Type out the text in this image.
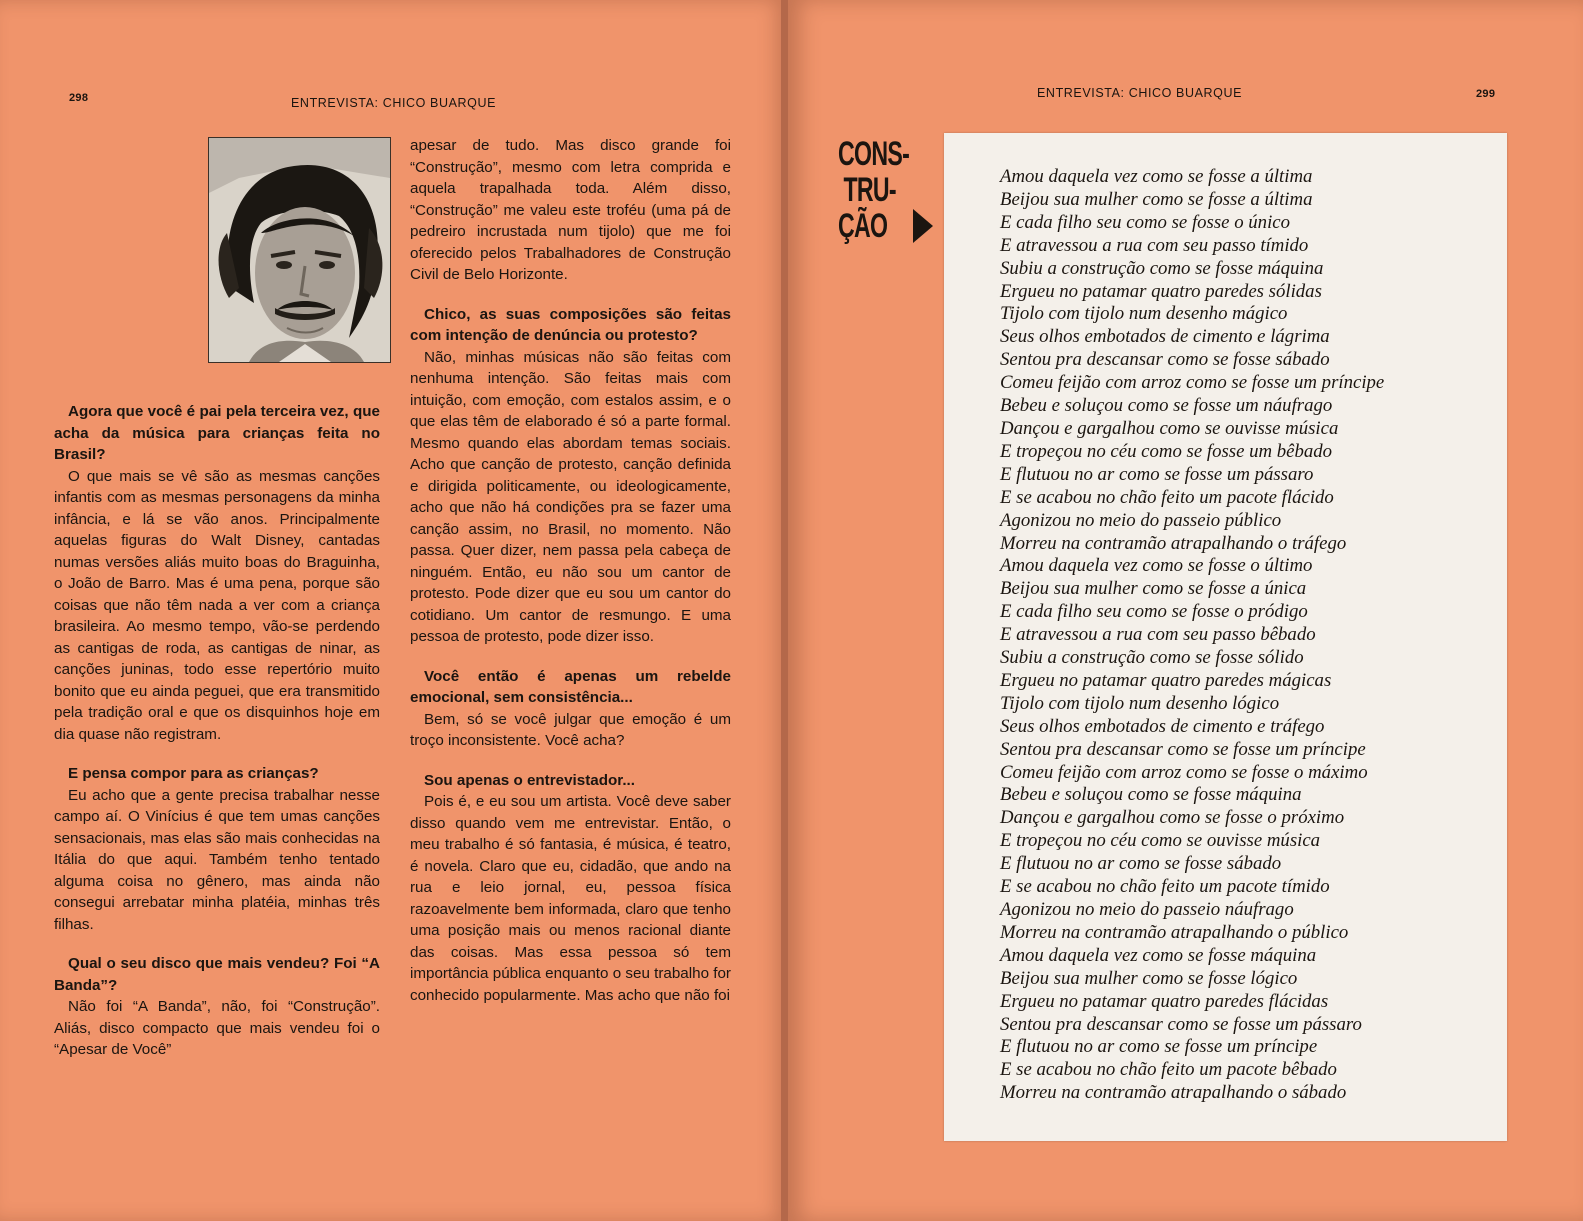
298	ENTREVISTA: CHICO BUARQUE

Agora que você é pai pela terceira vez, que acha da música para crianças feita no Brasil?

O que mais se vê são as mesmas canções infantis com as mesmas personagens da minha infância, e lá se vão anos. Principalmente aquelas figuras do Walt Disney, cantadas numas versões aliás muito boas do Braguinha, o João de Barro. Mas é uma pena, porque são coisas que não têm nada a ver com a criança brasileira. Ao mesmo tempo, vão-se perdendo as cantigas de roda, as cantigas de ninar, as canções juninas, todo esse repertório muito bonito que eu ainda peguei, que era transmitido pela tradição oral e que os disquinhos hoje em dia quase não registram.

E pensa compor para as crianças?

Eu acho que a gente precisa trabalhar nesse campo aí. O Vinícius é que tem umas canções sensacionais, mas elas são mais conhecidas na Itália do que aqui. Também tenho tentado alguma coisa no gênero, mas ainda não consegui arrebatar minha platéia, minhas três filhas.

Qual o seu disco que mais vendeu? Foi “A Banda”?

Não foi “A Banda”, não, foi “Construção”. Aliás, disco compacto que mais vendeu foi o “Apesar de Você”

apesar de tudo. Mas disco grande foi “Construção”, mesmo com letra comprida e aquela trapalhada toda. Além disso, “Construção” me valeu este troféu (uma pá de pedreiro incrustada num tijolo) que me foi oferecido pelos Trabalhadores de Construção Civil de Belo Horizonte.

Chico, as suas composições são feitas com intenção de denúncia ou protesto?

Não, minhas músicas não são feitas com nenhuma intenção. São feitas mais com intuição, com emoção, com estalos assim, e o que elas têm de elaborado é só a parte formal. Mesmo quando elas abordam temas sociais. Acho que canção de protesto, canção definida e dirigida politicamente, ou ideologicamente, acho que não há condições pra se fazer uma canção assim, no Brasil, no momento. Não passa. Quer dizer, nem passa pela cabeça de ninguém. Então, eu não sou um cantor de protesto. Pode dizer que eu sou um cantor do cotidiano. Um cantor de resmungo. E uma pessoa de protesto, pode dizer isso.

Você então é apenas um rebelde emocional, sem consistência...

Bem, só se você julgar que emoção é um troço inconsistente. Você acha?

Sou apenas o entrevistador...

Pois é, e eu sou um artista. Você deve saber disso quando vem me entrevistar. Então, o meu trabalho é só fantasia, é música, é teatro, é novela. Claro que eu, cidadão, que ando na rua e leio jornal, eu, pessoa física razoavelmente bem informada, claro que tenho uma posição mais ou menos racional diante das coisas. Mas essa pessoa só tem importância pública enquanto o seu trabalho for conhecido popularmente. Mas acho que não foi

ENTREVISTA: CHICO BUARQUE	299
CONS-
TRU-
ÇÃO
Amou daquela vez como se fosse a última
Beijou sua mulher como se fosse a última
E cada filho seu como se fosse o único
E atravessou a rua com seu passo tímido
Subiu a construção como se fosse máquina
Ergueu no patamar quatro paredes sólidas
Tijolo com tijolo num desenho mágico
Seus olhos embotados de cimento e lágrima
Sentou pra descansar como se fosse sábado
Comeu feijão com arroz como se fosse um príncipe
Bebeu e soluçou como se fosse um náufrago
Dançou e gargalhou como se ouvisse música
E tropeçou no céu como se fosse um bêbado
E flutuou no ar como se fosse um pássaro
E se acabou no chão feito um pacote flácido
Agonizou no meio do passeio público
Morreu na contramão atrapalhando o tráfego
Amou daquela vez como se fosse o último
Beijou sua mulher como se fosse a única
E cada filho seu como se fosse o pródigo
E atravessou a rua com seu passo bêbado
Subiu a construção como se fosse sólido
Ergueu no patamar quatro paredes mágicas
Tijolo com tijolo num desenho lógico
Seus olhos embotados de cimento e tráfego
Sentou pra descansar como se fosse um príncipe
Comeu feijão com arroz como se fosse o máximo
Bebeu e soluçou como se fosse máquina
Dançou e gargalhou como se fosse o próximo
E tropeçou no céu como se ouvisse música
E flutuou no ar como se fosse sábado
E se acabou no chão feito um pacote tímido
Agonizou no meio do passeio náufrago
Morreu na contramão atrapalhando o público
Amou daquela vez como se fosse máquina
Beijou sua mulher como se fosse lógico
Ergueu no patamar quatro paredes flácidas
Sentou pra descansar como se fosse um pássaro
E flutuou no ar como se fosse um príncipe
E se acabou no chão feito um pacote bêbado
Morreu na contramão atrapalhando o sábado
